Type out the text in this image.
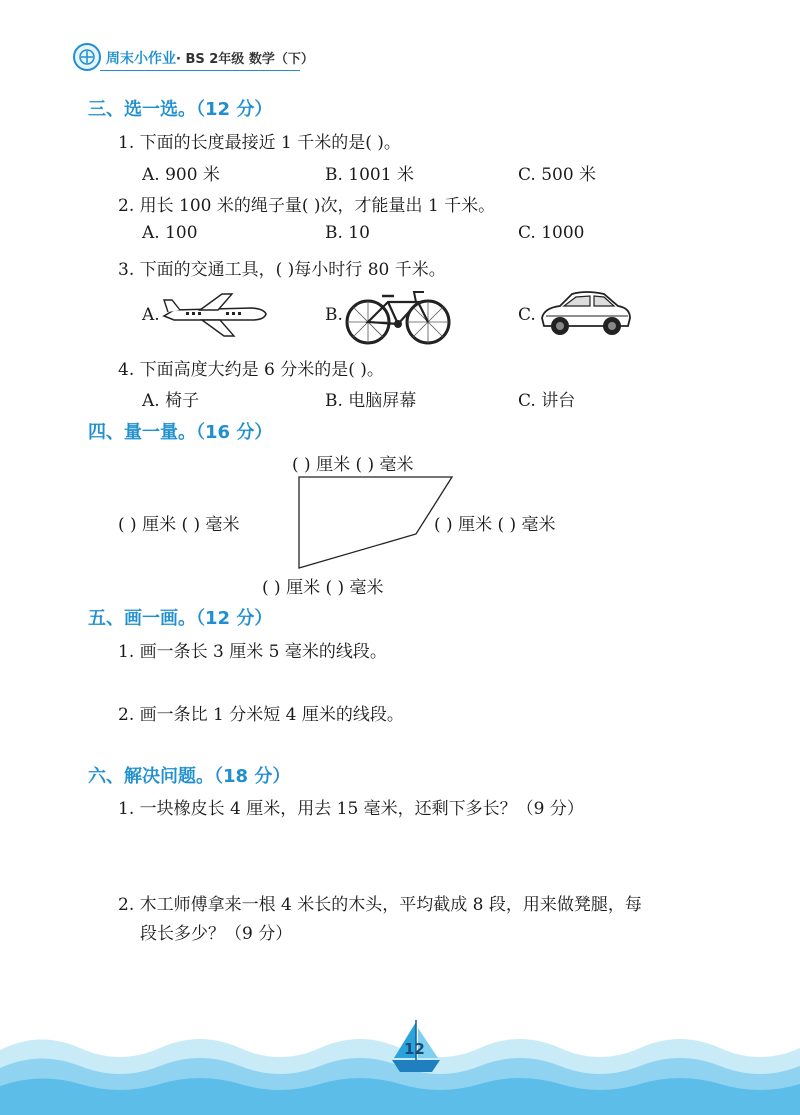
周末小作业· BS 2年级 数学（下）
三、选一选。（12 分）
1. 下面的长度最接近 1 千米的是( )。
A. 900 米	B. 1001 米	C. 500 米
2. 用长 100 米的绳子量( )次，才能量出 1 千米。
A. 100	B. 10	C. 1000
3. 下面的交通工具，( )每小时行 80 千米。
A.	B.	C.
4. 下面高度大约是 6 分米的是( )。
A. 椅子	B. 电脑屏幕	C. 讲台
四、量一量。（16 分）
( ) 厘米 ( ) 毫米
( ) 厘米 ( ) 毫米	( ) 厘米 ( ) 毫米
( ) 厘米 ( ) 毫米
五、画一画。（12 分）
1. 画一条长 3 厘米 5 毫米的线段。
2. 画一条比 1 分米短 4 厘米的线段。
六、解决问题。（18 分）
1. 一块橡皮长 4 厘米，用去 15 毫米，还剩下多长？（9 分）
2. 木工师傅拿来一根 4 米长的木头，平均截成 8 段，用来做凳腿，每
段长多少？（9 分）
12
